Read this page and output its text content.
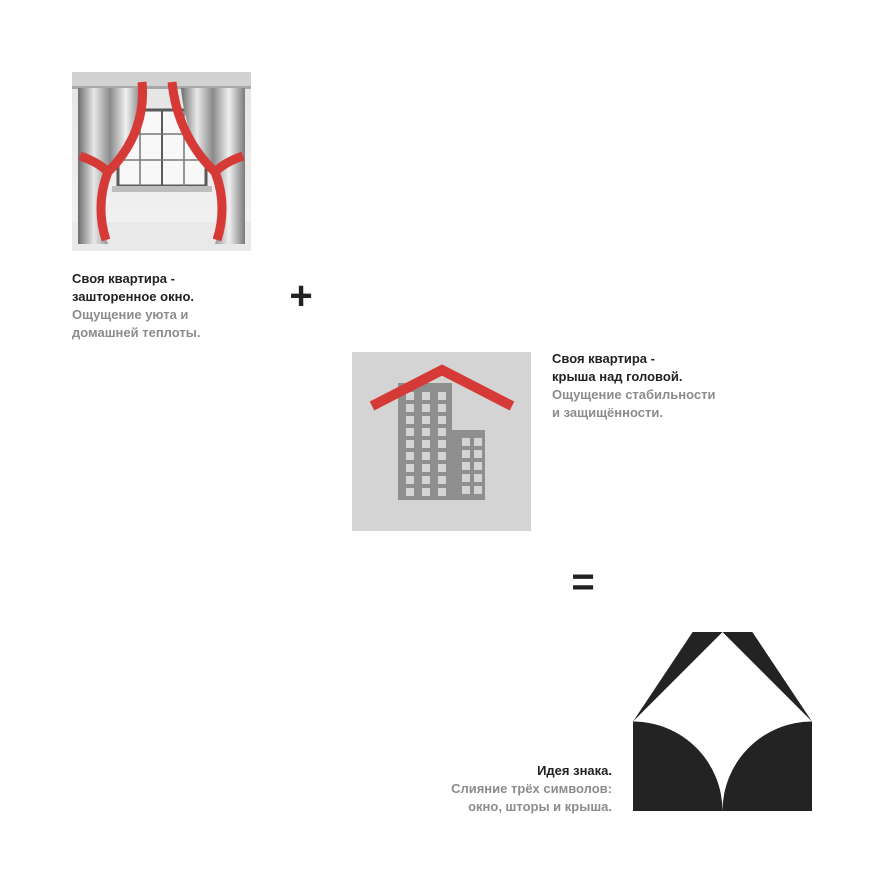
Своя квартира -
зашторенное окно.
Ощущение уюта и
домашней теплоты.
+
Своя квартира -
крыша над головой.
Ощущение стабильности
и защищённости.
=
Идея знака.
Слияние трёх символов:
окно, шторы и крыша.
